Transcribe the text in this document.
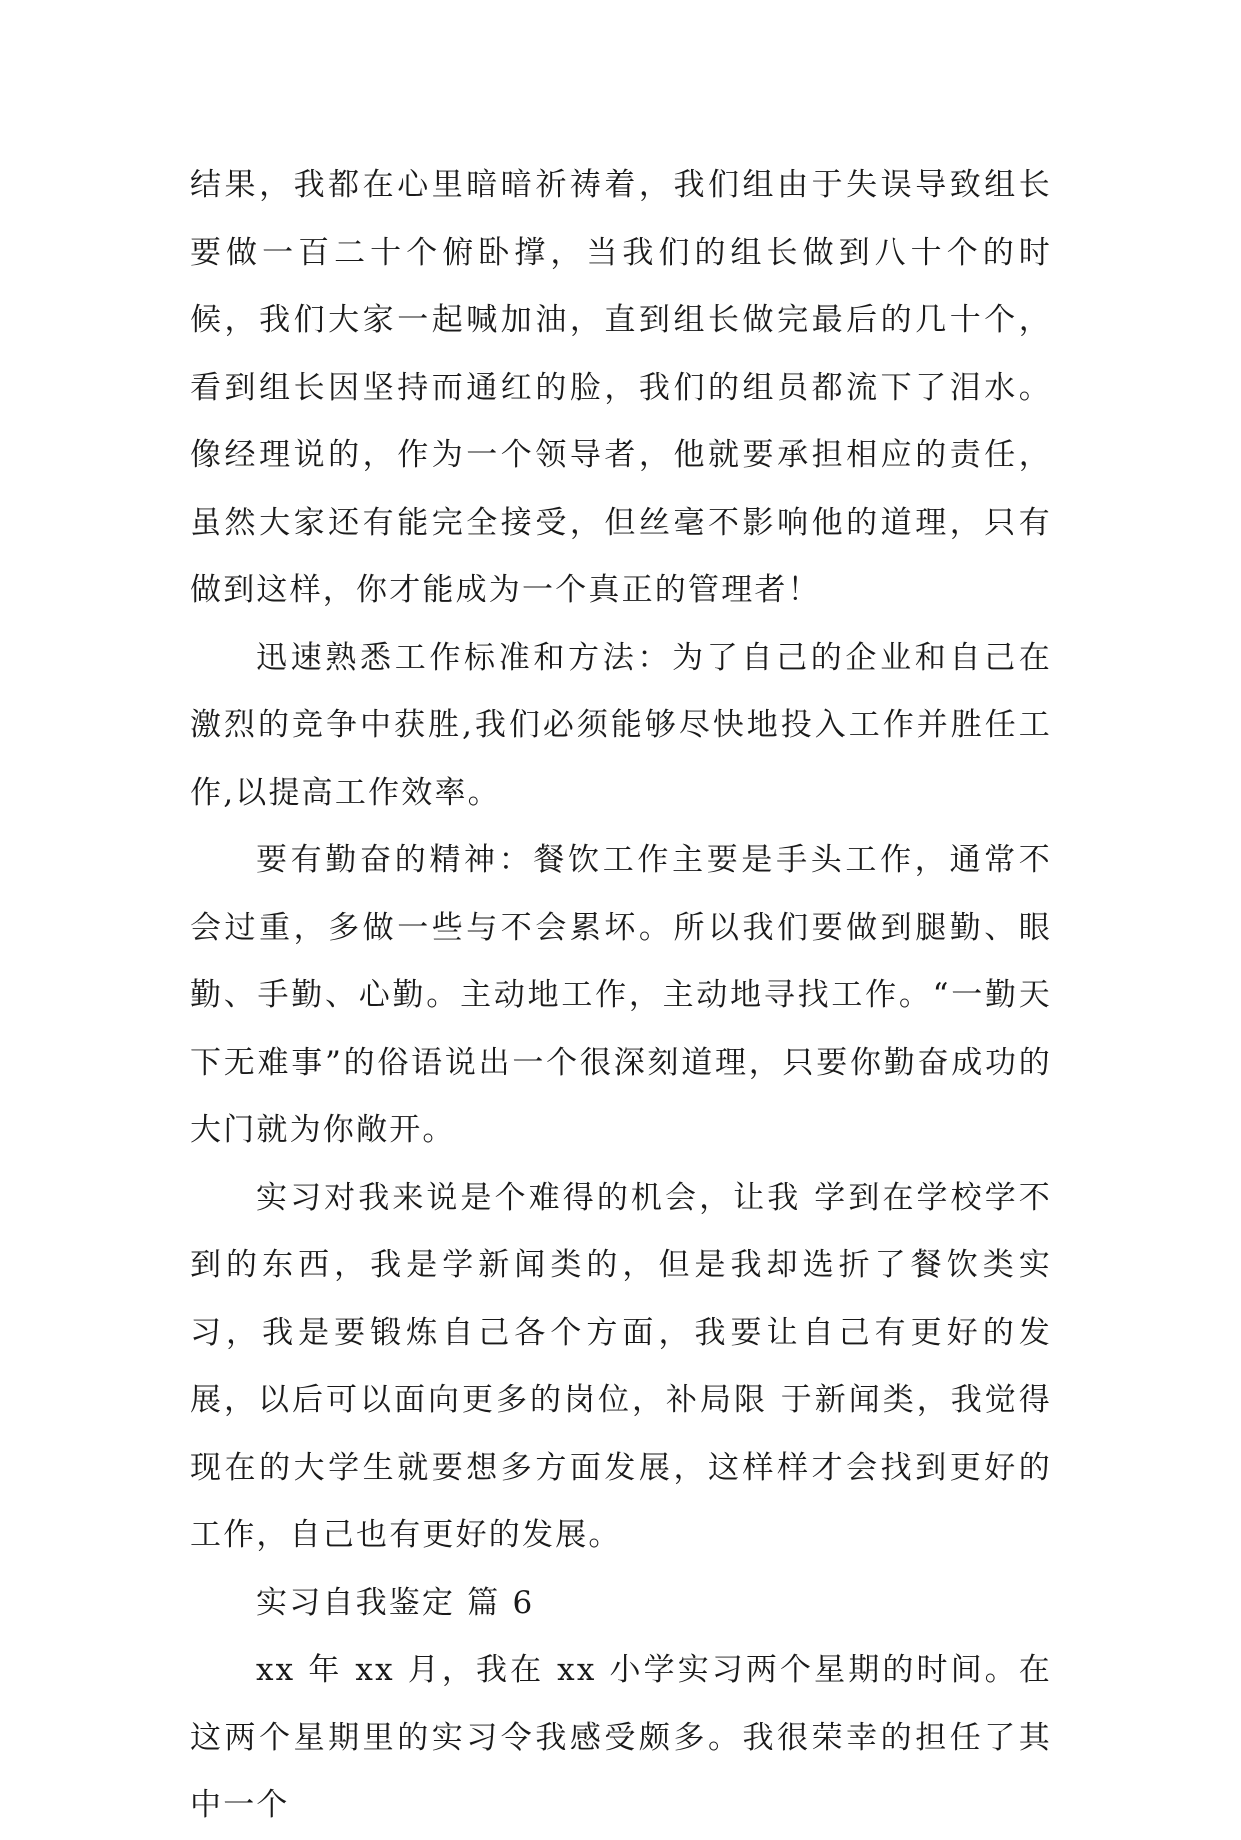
结果，我都在心里暗暗祈祷着，我们组由于失误导致组长要做一百二十个俯卧撑，当我们的组长做到八十个的时候，我们大家一起喊加油，直到组长做完最后的几十个，看到组长因坚持而通红的脸，我们的组员都流下了泪水。像经理说的，作为一个领导者，他就要承担相应的责任，虽然大家还有能完全接受，但丝毫不影响他的道理，只有做到这样，你才能成为一个真正的管理者！

迅速熟悉工作标准和方法：为了自己的企业和自己在激烈的竞争中获胜,我们必须能够尽快地投入工作并胜任工作,以提高工作效率。

要有勤奋的精神：餐饮工作主要是手头工作，通常不会过重，多做一些与不会累坏。所以我们要做到腿勤、眼勤、手勤、心勤。主动地工作，主动地寻找工作。“一勤天下无难事”的俗语说出一个很深刻道理，只要你勤奋成功的大门就为你敞开。

实习对我来说是个难得的机会，让我 学到在学校学不到的东西，我是学新闻类的，但是我却选折了餐饮类实习，我是要锻炼自己各个方面，我要让自己有更好的发展，以后可以面向更多的岗位，补局限 于新闻类，我觉得现在的大学生就要想多方面发展，这样样才会找到更好的工作，自己也有更好的发展。

实习自我鉴定 篇 6

xx 年 xx 月，我在 xx 小学实习两个星期的时间。在这两个星期里的实习令我感受颇多。我很荣幸的担任了其中一个
